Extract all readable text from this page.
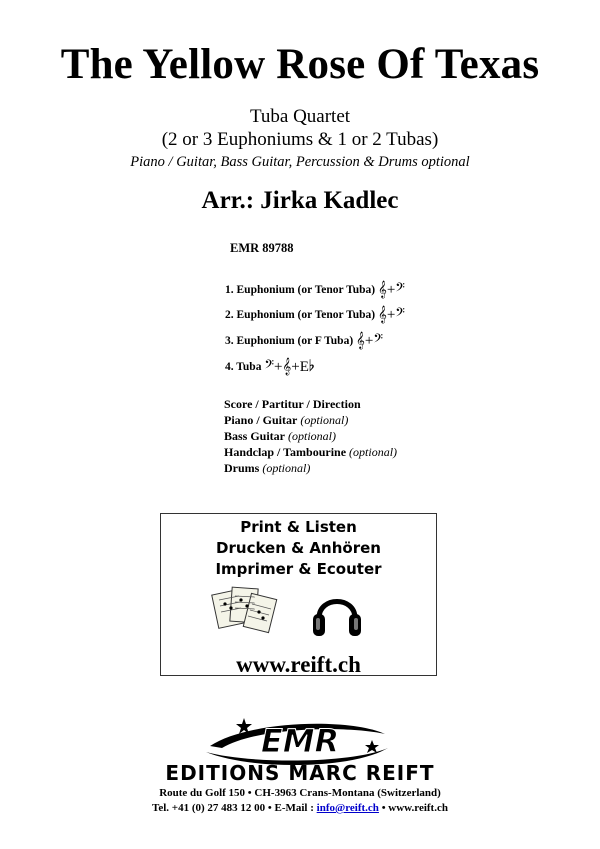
The Yellow Rose Of Texas
Tuba Quartet
(2 or 3 Euphoniums & 1 or 2 Tubas)
Piano / Guitar, Bass Guitar, Percussion & Drums optional
Arr.: Jirka Kadlec
EMR 89788
1. Euphonium (or Tenor Tuba) 𝄞+𝄢
2. Euphonium (or Tenor Tuba) 𝄞+𝄢
3. Euphonium (or F Tuba) 𝄞+𝄢
4. Tuba 𝄢+𝄞+E♭
Score / Partitur / Direction
Piano / Guitar (optional)
Bass Guitar (optional)
Handclap / Tambourine (optional)
Drums (optional)
Print & Listen
Drucken & Anhören
Imprimer & Ecouter
www.reift.ch
EMR
EDITIONS MARC REIFT
Route du Golf 150 • CH-3963 Crans-Montana (Switzerland)
Tel. +41 (0) 27 483 12 00 • E-Mail : info@reift.ch • www.reift.ch
